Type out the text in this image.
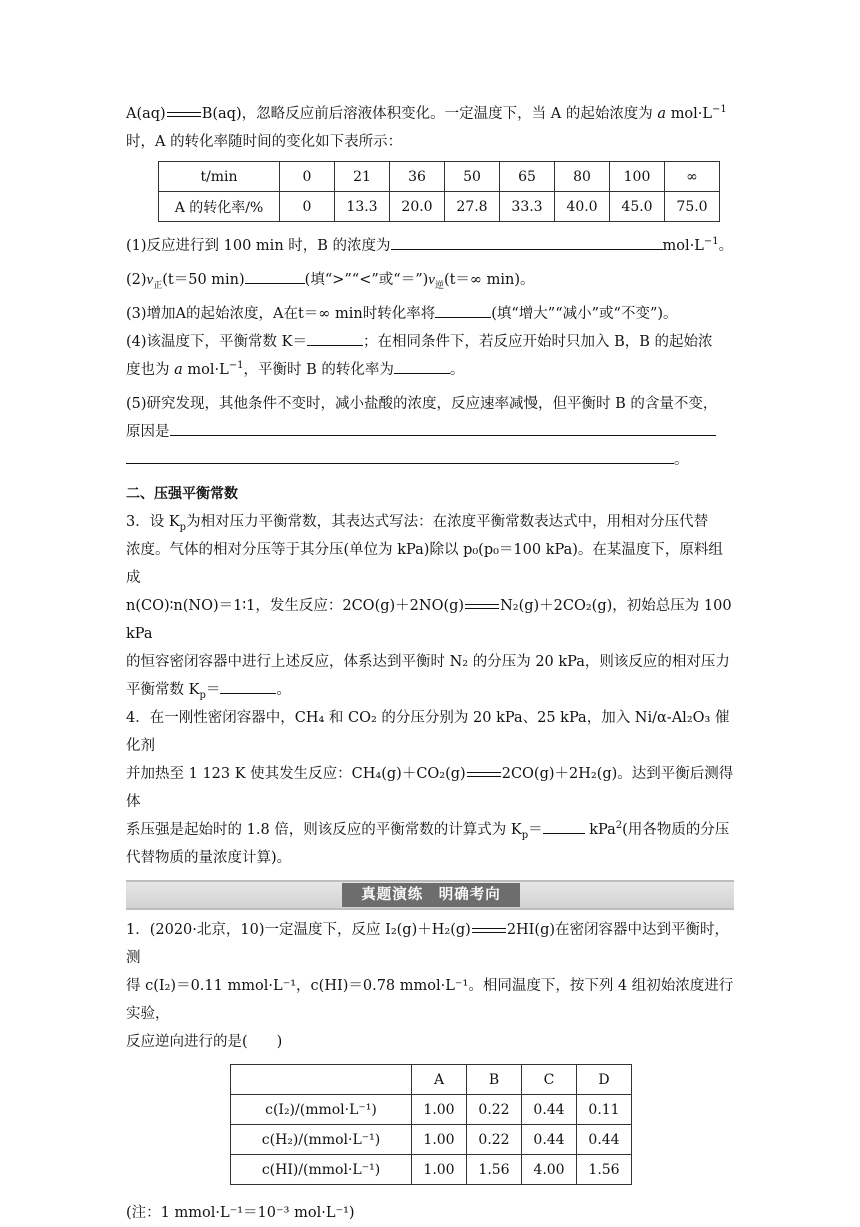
A(aq) B(aq)，忽略反应前后溶液体积变化。一定温度下，当 A 的起始浓度为 a $mol\cdot L^{-1}$

时，A 的转化率随时间的变化如下表所示：

t/min	0	21	36	50	65	80	100	∞
A 的转化率/%	0	13.3	20.0	27.8	33.3	40.0	45.0	75.0

(1)反应进行到 100 min 时，B 的浓度为	$mol\cdot L^{-1}$。

$(2)v_正(t=50$ min)	(填“>”“<”或“$=”)v_逆(t=\infty$ min)。

(3)增加A的起始浓度，A在t＝∞ min时转化率将	(填“增大”“减小”或“不变”)。

(4)该温度下，平衡常数 K＝	；在相同条件下，若反应开始时只加入 B，B 的起始浓

度也为 a $mol\cdot L^{-1}$，平衡时 B 的转化率为	。

(5)研究发现，其他条件不变时，减小盐酸的浓度，反应速率减慢，但平衡时 B 的含量不变，

原因是

。

二、压强平衡常数

3．设 $K_p$为相对压力平衡常数，其表达式写法：在浓度平衡常数表达式中，用相对分压代替

浓度。气体的相对分压等于其分压(单位为 kPa)除以 p₀(p₀＝100 kPa)。在某温度下，原料组成

n(CO)∶n(NO)＝1∶1，发生反应：2CO(g)＋2NO(g) N₂(g)＋2CO₂(g)，初始总压为 100 kPa

的恒容密闭容器中进行上述反应，体系达到平衡时 N₂ 的分压为 20 kPa，则该反应的相对压力

平衡常数 $K_p=$	。

4．在一刚性密闭容器中，CH₄ 和 CO₂ 的分压分别为 20 kPa、25 kPa，加入 Ni/α-Al₂O₃ 催化剂

并加热至 1 123 K 使其发生反应：CH₄(g)＋CO₂(g) 2CO(g)＋2H₂(g)。达到平衡后测得体

系压强是起始时的 1.8 倍，则该反应的平衡常数的计算式为 $K_p=$	kPa$^2$(用各物质的分压

代替物质的量浓度计算)。

真题演练　明确考向

1．(2020·北京，10)一定温度下，反应 I₂(g)＋H₂(g) 2HI(g)在密闭容器中达到平衡时，测

得 c(I₂)＝0.11 mmol·L⁻¹，c(HI)＝0.78 mmol·L⁻¹。相同温度下，按下列 4 组初始浓度进行实验，

反应逆向进行的是(　　)

	A	B	C	D
c(I₂)/(mmol·L⁻¹)	1.00	0.22	0.44	0.11
c(H₂)/(mmol·L⁻¹)	1.00	0.22	0.44	0.44
c(HI)/(mmol·L⁻¹)	1.00	1.56	4.00	1.56

(注：1 mmol·L⁻¹＝10⁻³ mol·L⁻¹)
